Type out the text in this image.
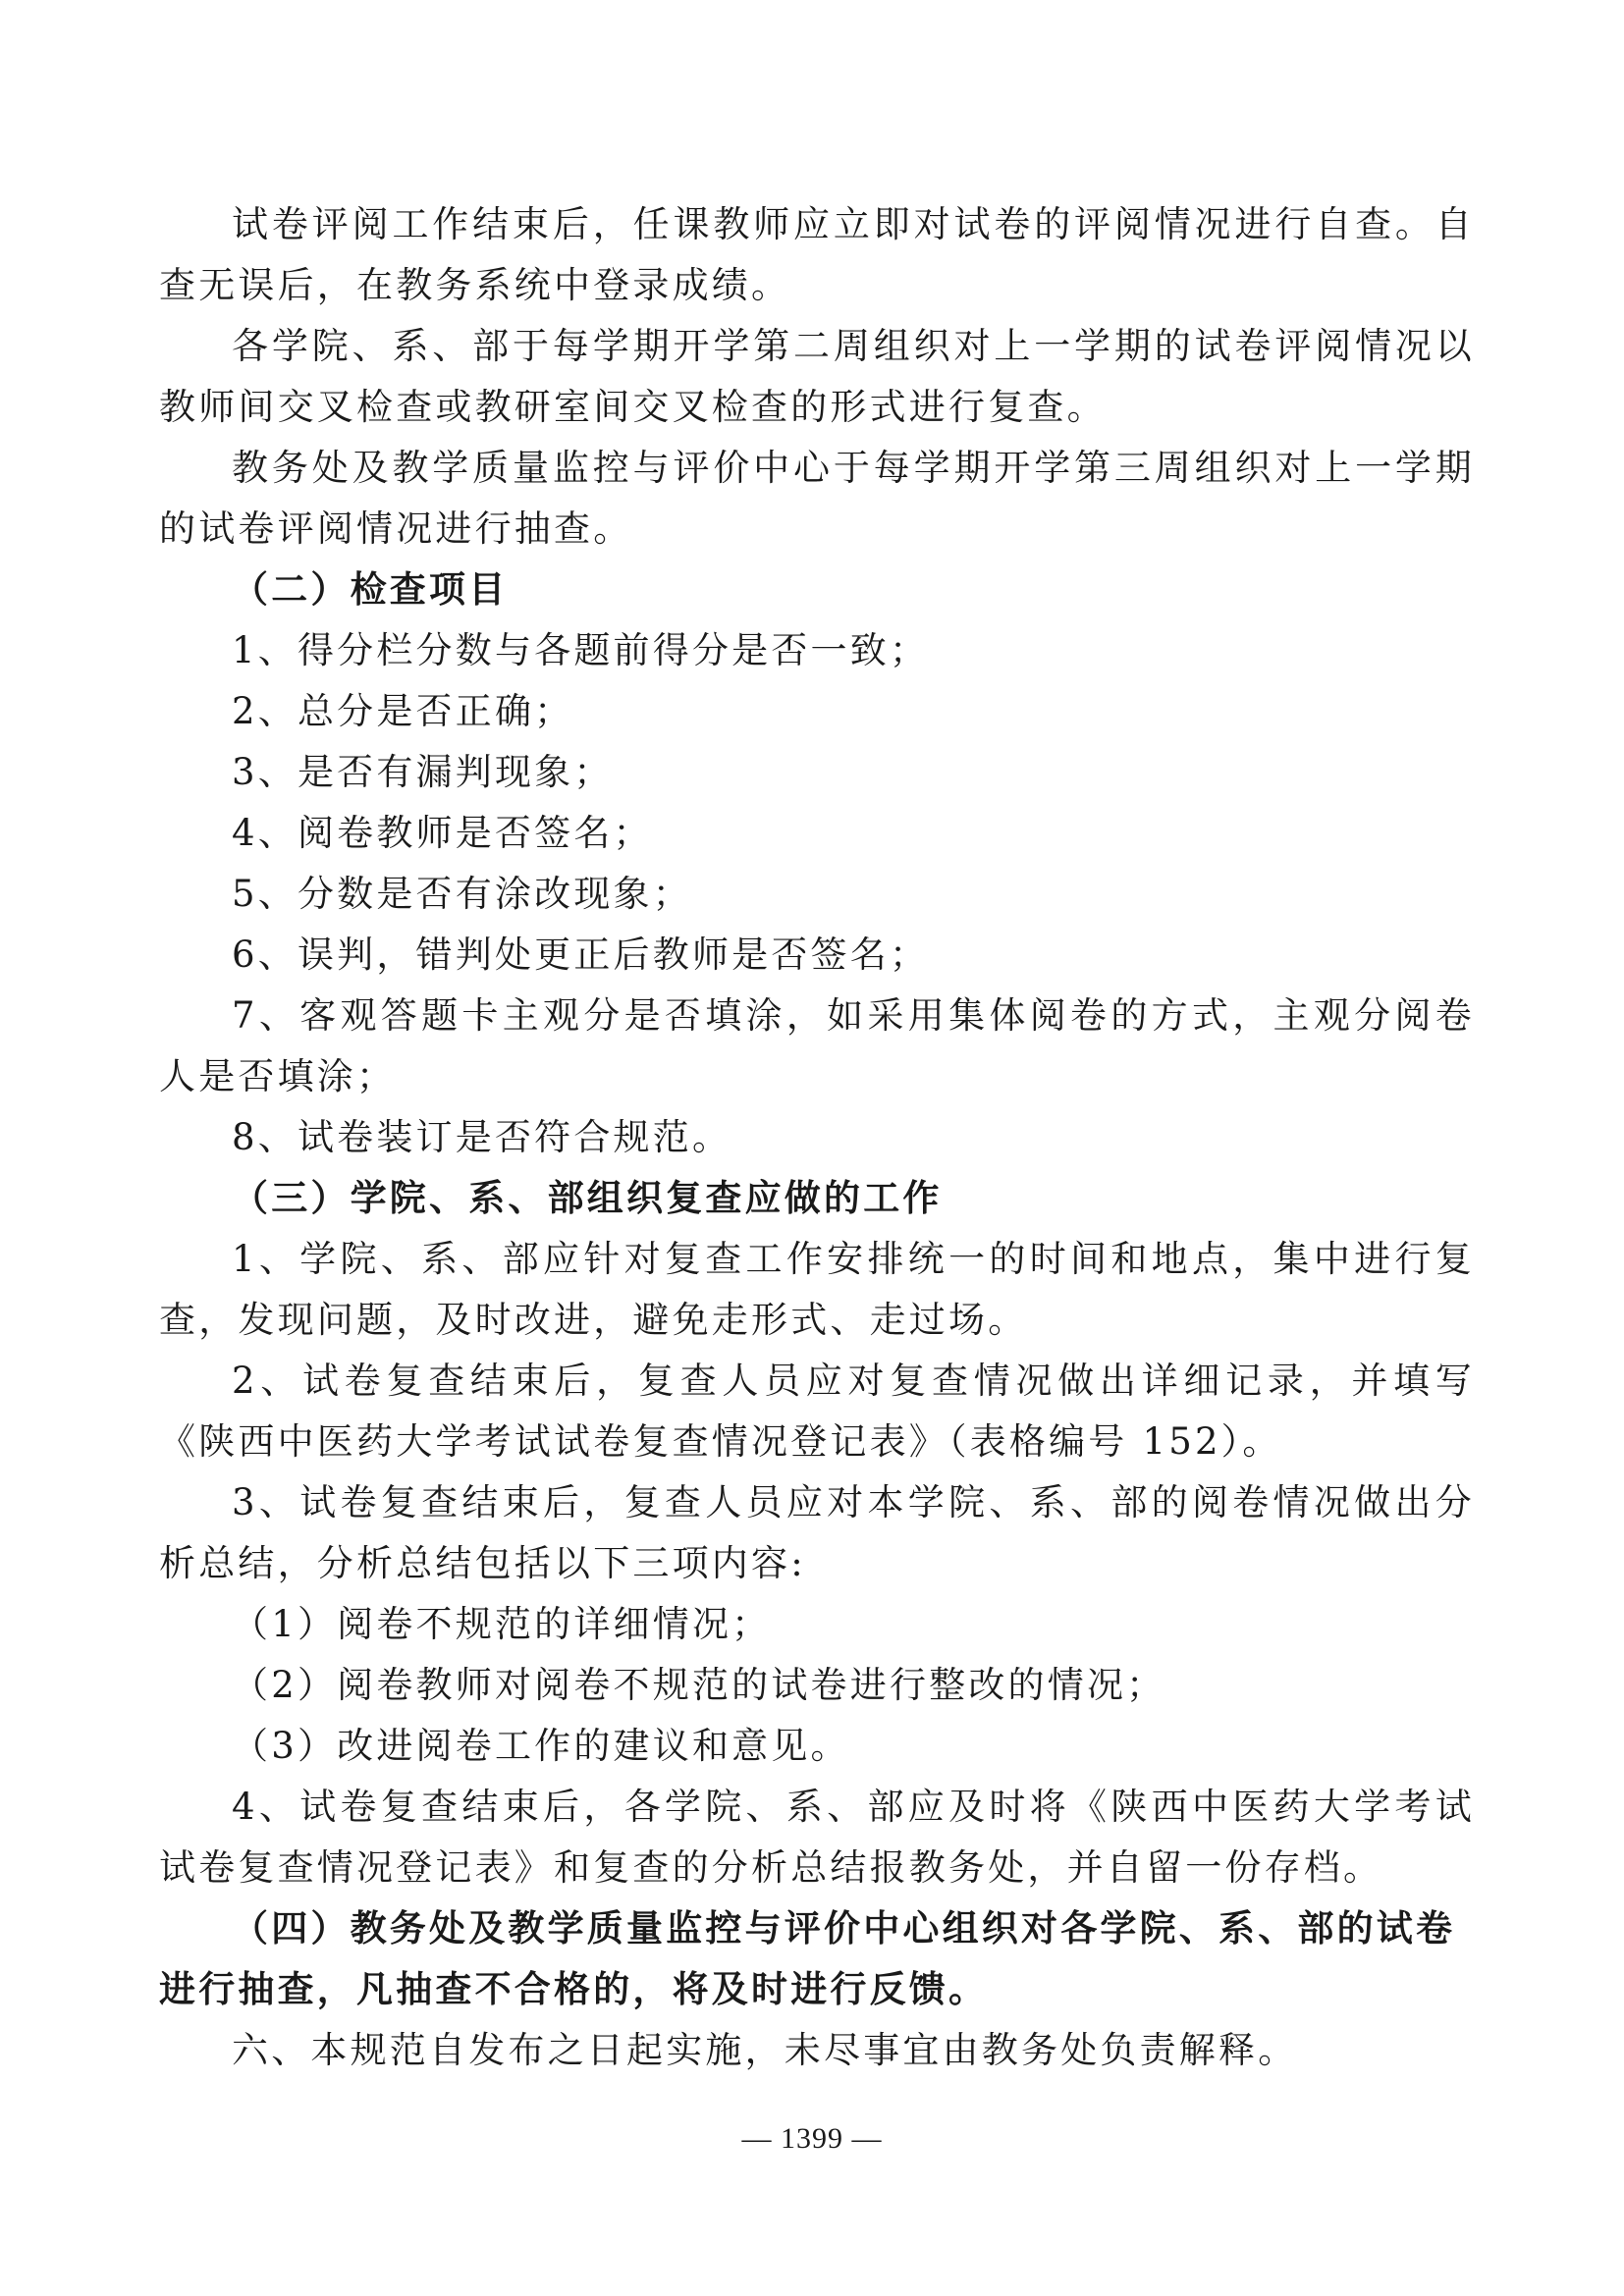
试卷评阅工作结束后，任课教师应立即对试卷的评阅情况进行自查。自查无误后，在教务系统中登录成绩。

各学院、系、部于每学期开学第二周组织对上一学期的试卷评阅情况以教师间交叉检查或教研室间交叉检查的形式进行复查。

教务处及教学质量监控与评价中心于每学期开学第三周组织对上一学期的试卷评阅情况进行抽查。

（二）检查项目

1、得分栏分数与各题前得分是否一致；

2、总分是否正确；

3、是否有漏判现象；

4、阅卷教师是否签名；

5、分数是否有涂改现象；

6、误判，错判处更正后教师是否签名；

7、客观答题卡主观分是否填涂，如采用集体阅卷的方式，主观分阅卷人是否填涂；

8、试卷装订是否符合规范。

（三）学院、系、部组织复查应做的工作

1、学院、系、部应针对复查工作安排统一的时间和地点，集中进行复查，发现问题，及时改进，避免走形式、走过场。

2、试卷复查结束后，复查人员应对复查情况做出详细记录，并填写《陕西中医药大学考试试卷复查情况登记表》（表格编号 152）。

3、试卷复查结束后，复查人员应对本学院、系、部的阅卷情况做出分析总结，分析总结包括以下三项内容:

（1）阅卷不规范的详细情况；

（2）阅卷教师对阅卷不规范的试卷进行整改的情况；

（3）改进阅卷工作的建议和意见。

4、试卷复查结束后，各学院、系、部应及时将《陕西中医药大学考试试卷复查情况登记表》和复查的分析总结报教务处，并自留一份存档。

（四）教务处及教学质量监控与评价中心组织对各学院、系、部的试卷进行抽查，凡抽查不合格的，将及时进行反馈。

六、本规范自发布之日起实施，未尽事宜由教务处负责解释。

— 1399 —
